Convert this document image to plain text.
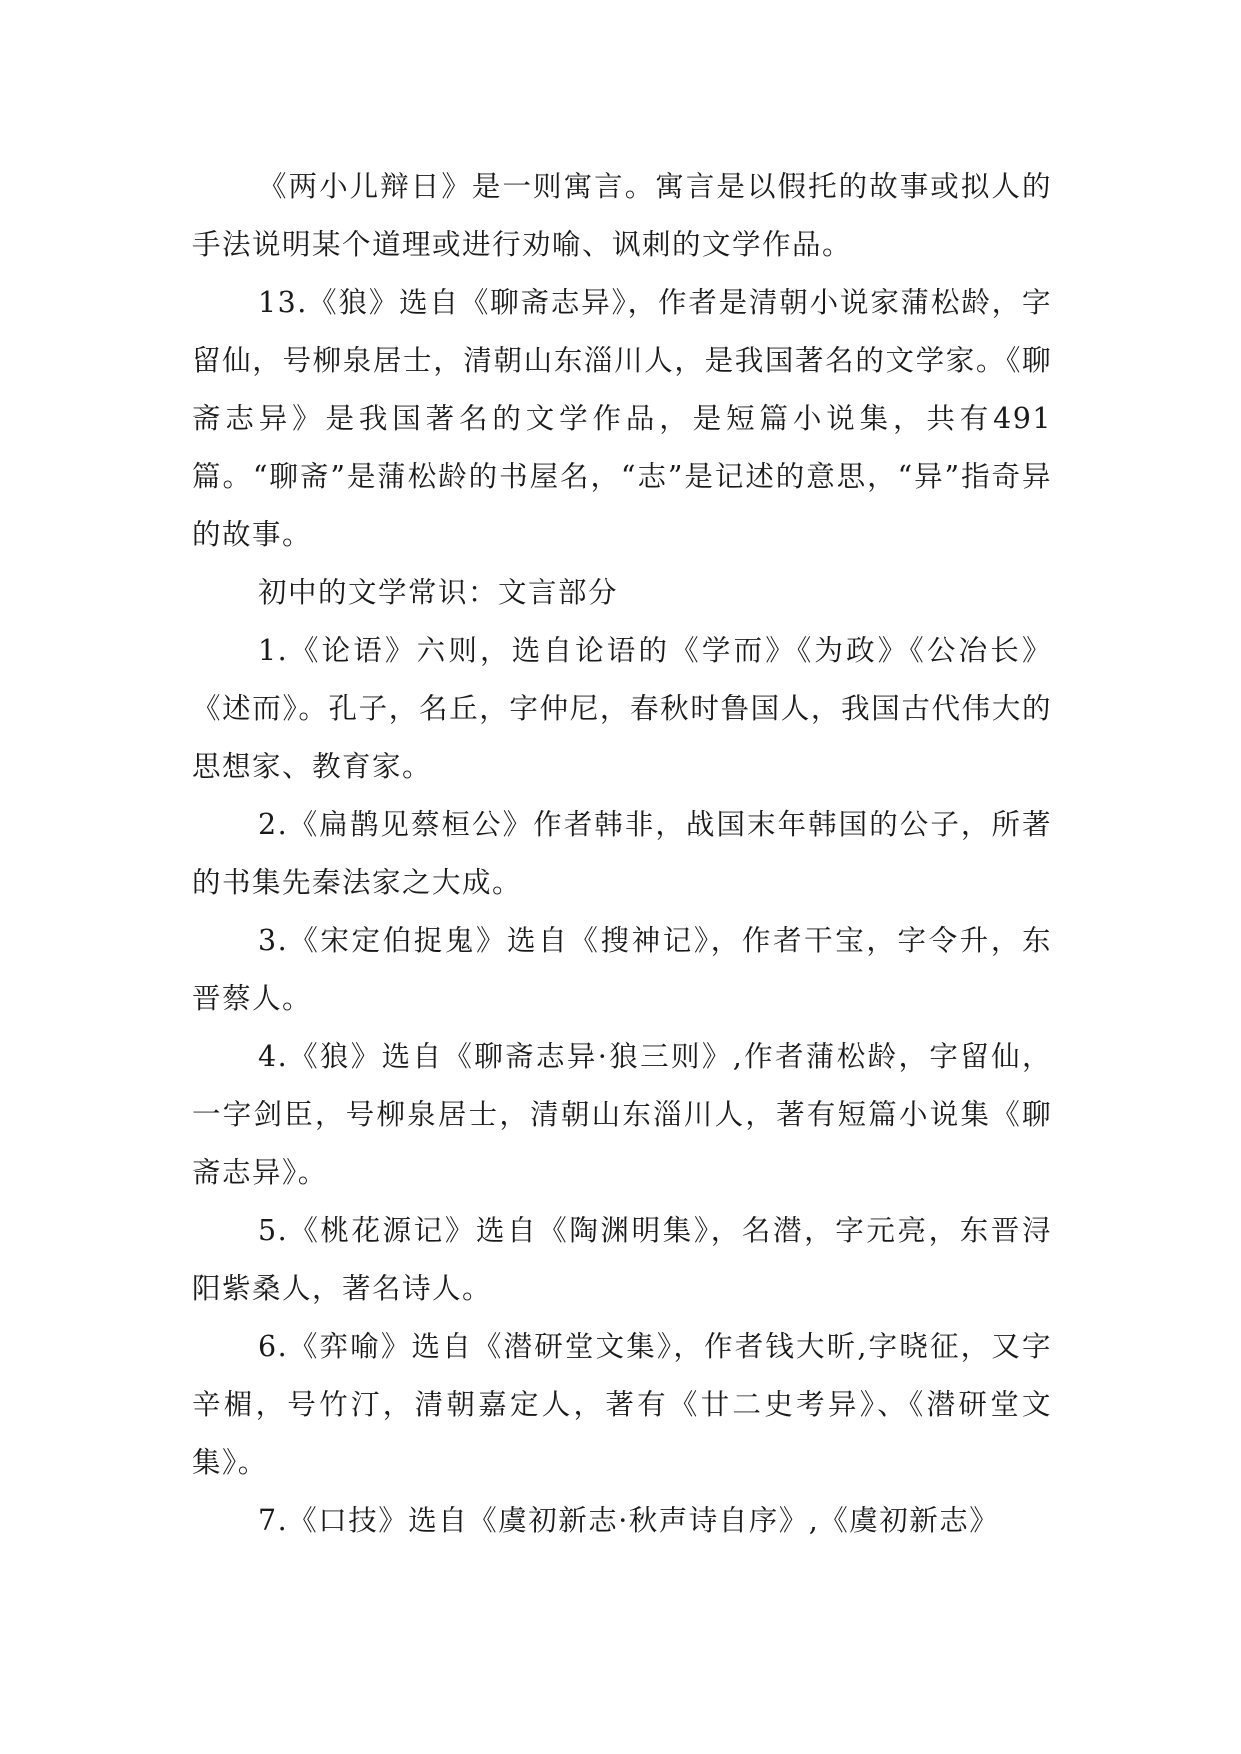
《两小儿辩日》是一则寓言。寓言是以假托的故事或拟人的手法说明某个道理或进行劝喻、讽刺的文学作品。

13.《狼》选自《聊斋志异》，作者是清朝小说家蒲松龄，字留仙，号柳泉居士，清朝山东淄川人，是我国著名的文学家。《聊斋志异》是我国著名的文学作品，是短篇小说集，共有491篇。“聊斋”是蒲松龄的书屋名，“志”是记述的意思，“异”指奇异的故事。

初中的文学常识：文言部分

1.《论语》六则，选自论语的《学而》《为政》《公冶长》《述而》。孔子，名丘，字仲尼，春秋时鲁国人，我国古代伟大的思想家、教育家。

2.《扁鹊见蔡桓公》作者韩非，战国末年韩国的公子，所著的书集先秦法家之大成。

3.《宋定伯捉鬼》选自《搜神记》，作者干宝，字令升，东晋蔡人。

4.《狼》选自《聊斋志异·狼三则》,作者蒲松龄，字留仙，一字剑臣，号柳泉居士，清朝山东淄川人，著有短篇小说集《聊斋志异》。

5.《桃花源记》选自《陶渊明集》，名潜，字元亮，东晋浔阳紫桑人，著名诗人。

6.《弈喻》选自《潜研堂文集》，作者钱大昕,字晓征，又字辛楣，号竹汀，清朝嘉定人，著有《廿二史考异》、《潜研堂文集》。

7.《口技》选自《虞初新志·秋声诗自序》,《虞初新志》
